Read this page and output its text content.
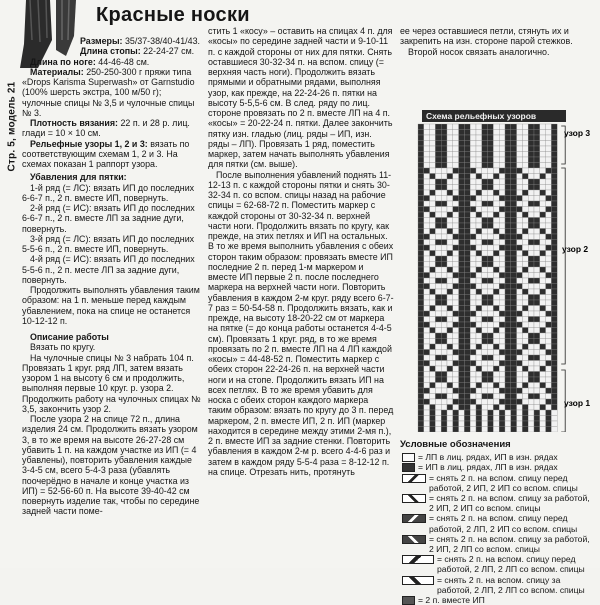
Стр. 5, модель 21
Красные носки

Размеры: 35/37-38/40-41/43.

Длина стопы: 22-24-27 см.

Длина по ноге: 44-46-48 см.

Материалы: 250-250-300 г пряжи типа «Drops Karisma Superwash» от Garnstudio (100% шерсть экстра, 100 м/50 г); чулочные спицы № 3,5 и чулочные спицы № 3.

Плотность вязания: 22 п. и 28 р. лиц. глади = 10 × 10 см.

Рельефные узоры 1, 2 и 3: вязать по соответствующим схемам 1, 2 и 3. На схемах показан 1 раппорт узора.

Убавления для пятки:

1-й ряд (= ЛС): вязать ИП до последних 6-6-7 п., 2 п. вместе ИП, повернуть.

2-й ряд (= ИС): вязать ИП до последних 6-6-7 п., 2 п. вместе ЛП за задние дуги, повернуть.

3-й ряд (= ЛС): вязать ИП до последних 5-5-6 п., 2 п. вместе ИП, повернуть.

4-й ряд (= ИС): вязать ИП до последних 5-5-6 п., 2 п. месте ЛП за задние дуги, повернуть.

Продолжить выполнять убавления таким образом: на 1 п. меньше перед каждым убавлением, пока на спице не останется 10-12-12 п.

Описание работы

Вязать по кругу.

На чулочные спицы № 3 набрать 104 п. Провязать 1 круг. ряд ЛП, затем вязать узором 1 на высоту 6 см и продолжить, выполняя первые 10 круг. р. узора 2. Продолжить работу на чулочных спицах № 3,5, закончить узор 2.

После узора 2 на спице 72 п., длина изделия 24 см. Продолжить вязать узором 3, в то же время на высоте 26-27-28 см убавить 1 п. на каждом участке из ИП (= 4 убавлены), повторить убавления каждые 3-4-5 см, всего 5-4-3 раза (убавлять поочерёдно в начале и конце участка из ИП) = 52-56-60 п. На высоте 39-40-42 см повернуть изделие так, чтобы по середине задней части поме-

стить 1 «косу» – оставить на спицах 4 п. для «косы» по середине задней части и 9-10-11 п. с каждой стороны от них для пятки. Снять оставшиеся 30-32-34 п. на вспом. спицу (= верхняя часть ноги). Продолжить вязать прямыми и обратными рядами, выполняя узор, как прежде, на 22-24-26 п. пятки на высоту 5-5,5-6 см. В след. ряду по лиц. стороне провязать по 2 п. вместе ЛП на 4 п. «косы» = 20-22-24 п. пятки. Далее закончить пятку изн. гладью (лиц. ряды – ИП, изн. ряды – ЛП). Провязать 1 ряд, поместить маркер, затем начать выполнять убавления для пятки (см. выше).

После выполнения убавлений поднять 11-12-13 п. с каждой стороны пятки и снять 30-32-34 п. со вспом. спицы назад на рабочие спицы = 62-68-72 п. Поместить маркер с каждой стороны от 30-32-34 п. верхней части ноги. Продолжить вязать по кругу, как прежде, на этих петлях и ИП на остальных. В то же время выполнить убавления с обеих сторон таким образом: провязать вместе ИП последние 2 п. перед 1-м маркером и вместе ИП первые 2 п. после последнего маркера на верхней части ноги. Повторить убавления в каждом 2-м круг. ряду всего 6-7-7 раз = 50-54-58 п. Продолжить вязать, как и прежде, на высоту 18-20-22 см от маркера на пятке (= до конца работы останется 4-4-5 см). Провязать 1 круг. ряд, в то же время провязать по 2 п. вместе ЛП на 4 ЛП каждой «косы» = 44-48-52 п. Поместить маркер с обеих сторон 22-24-26 п. на верхней части ноги и на стопе. Продолжить вязать ИП на всех петлях. В то же время убавить для носка с обеих сторон каждого маркера таким образом: вязать по кругу до 3 п. перед маркером, 2 п. вместе ИП, 2 п. ИП (маркер находится в середине между этими 2-мя п.), 2 п. вместе ИП за задние стенки. Повторить убавления в каждом 2-м р. всего 4-4-6 раз и затем в каждом ряду 5-5-4 раза = 8-12-12 п. на спице. Отрезать нить, протянуть

ее через оставшиеся петли, стянуть их и закрепить на изн. стороне парой стежков.

Второй носок связать аналогично.

Схема рельефных узоров
узор 3
узор 2
узор 1
Условные обозначения
= ЛП в лиц. рядах, ИП в изн. рядах
= ИП в лиц. рядах, ЛП в изн. рядах
= снять 2 п. на вспом. спицу перед работой, 2 ИП, 2 ИП со вспом. спицы
= снять 2 п. на вспом. спицу за работой, 2 ИП, 2 ИП со вспом. спицы
= снять 2 п. на вспом. спицу перед работой, 2 ЛП, 2 ИП со вспом. спицы
= снять 2 п. на вспом. спицу за работой, 2 ИП, 2 ЛП со вспом. спицы
= снять 2 п. на вспом. спицу перед работой, 2 ЛП, 2 ЛП со вспом. спицы
= снять 2 п. на вспом. спицу за работой, 2 ЛП, 2 ЛП со вспом. спицы
= 2 п. вместе ИП
